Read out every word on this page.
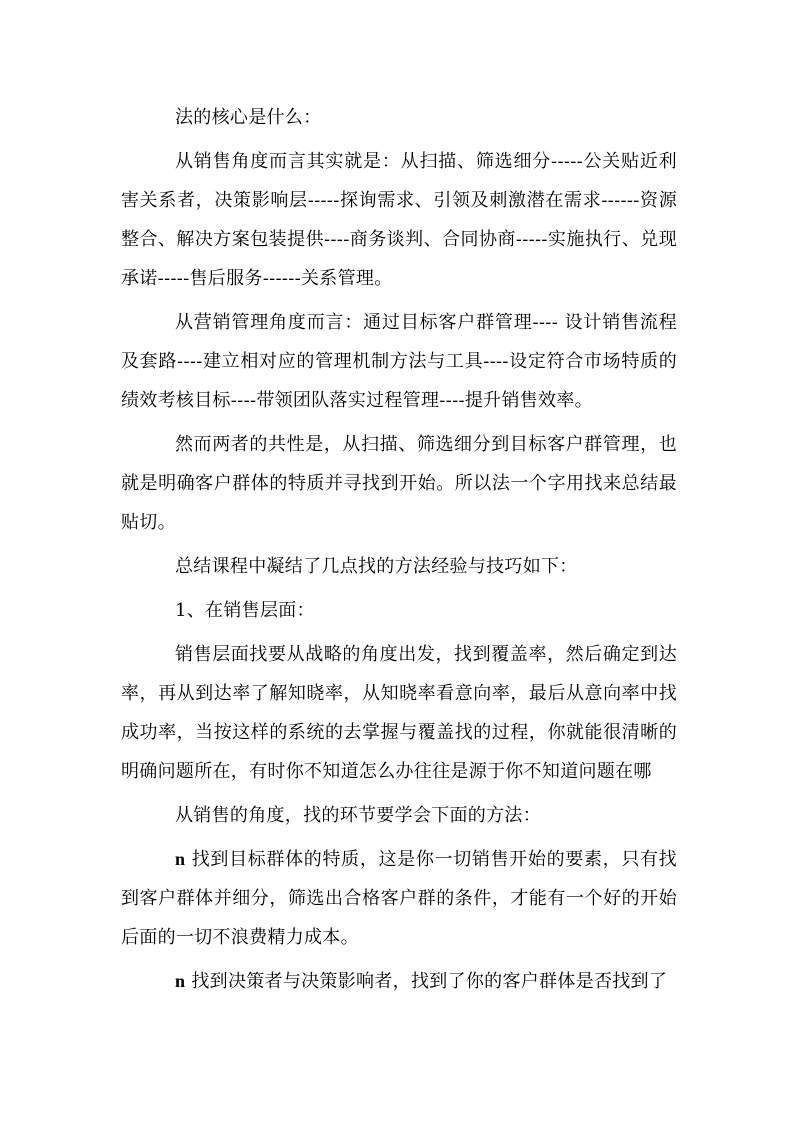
法的核心是什么：

从销售角度而言其实就是：从扫描、筛选细分-----公关贴近利害关系者，决策影响层-----探询需求、引领及刺激潜在需求------资源整合、解决方案包装提供----商务谈判、合同协商-----实施执行、兑现承诺-----售后服务------关系管理。

从营销管理角度而言：通过目标客户群管理---- 设计销售流程及套路----建立相对应的管理机制方法与工具----设定符合市场特质的绩效考核目标----带领团队落实过程管理----提升销售效率。

然而两者的共性是，从扫描、筛选细分到目标客户群管理，也就是明确客户群体的特质并寻找到开始。所以法一个字用找来总结最贴切。

总结课程中凝结了几点找的方法经验与技巧如下：

1、在销售层面：

销售层面找要从战略的角度出发，找到覆盖率，然后确定到达率，再从到达率了解知晓率，从知晓率看意向率，最后从意向率中找成功率，当按这样的系统的去掌握与覆盖找的过程，你就能很清晰的明确问题所在，有时你不知道怎么办往往是源于你不知道问题在哪

从销售的角度，找的环节要学会下面的方法：

n 找到目标群体的特质，这是你一切销售开始的要素，只有找到客户群体并细分，筛选出合格客户群的条件，才能有一个好的开始后面的一切不浪费精力成本。

n 找到决策者与决策影响者，找到了你的客户群体是否找到了
